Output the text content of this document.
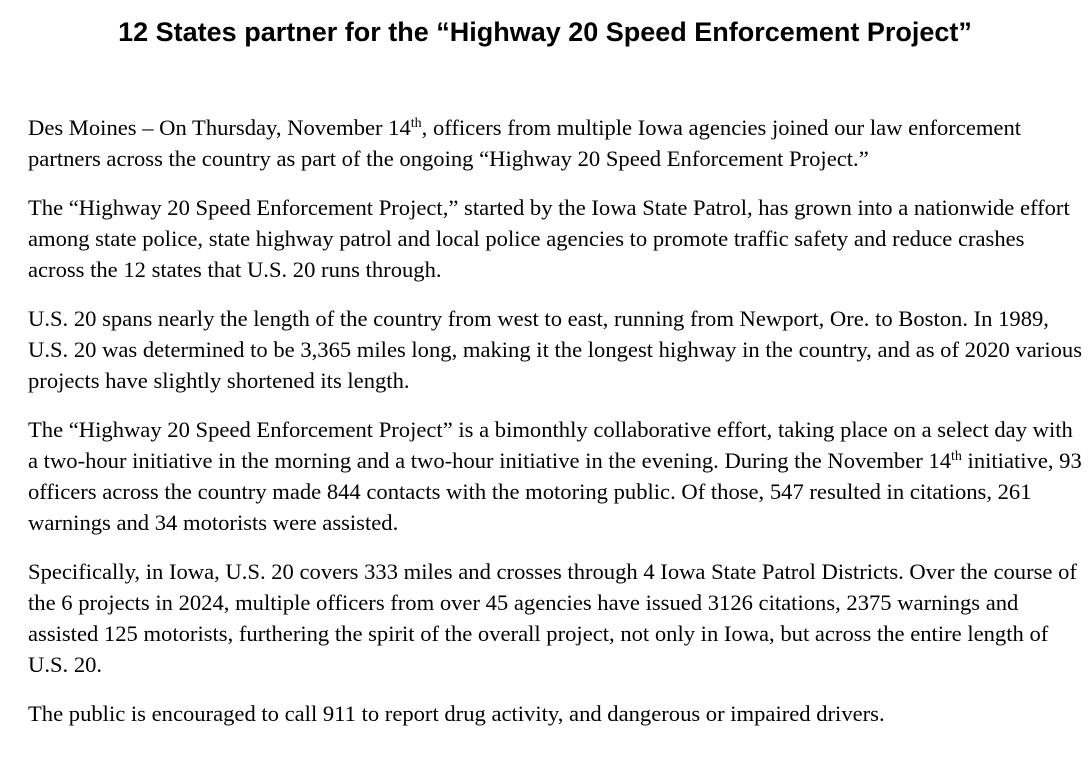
12 States partner for the “Highway 20 Speed Enforcement Project”

Des Moines – On Thursday, November 14th, officers from multiple Iowa agencies joined our law enforcement partners across the country as part of the ongoing “Highway 20 Speed Enforcement Project.”

The “Highway 20 Speed Enforcement Project,” started by the Iowa State Patrol, has grown into a nationwide effort among state police, state highway patrol and local police agencies to promote traffic safety and reduce crashes across the 12 states that U.S. 20 runs through.

U.S. 20 spans nearly the length of the country from west to east, running from Newport, Ore. to Boston. In 1989, U.S. 20 was determined to be 3,365 miles long, making it the longest highway in the country, and as of 2020 various projects have slightly shortened its length.

The “Highway 20 Speed Enforcement Project” is a bimonthly collaborative effort, taking place on a select day with a two-hour initiative in the morning and a two-hour initiative in the evening. During the November 14th initiative, 93 officers across the country made 844 contacts with the motoring public. Of those, 547 resulted in citations, 261 warnings and 34 motorists were assisted.

Specifically, in Iowa, U.S. 20 covers 333 miles and crosses through 4 Iowa State Patrol Districts. Over the course of the 6 projects in 2024, multiple officers from over 45 agencies have issued 3126 citations, 2375 warnings and assisted 125 motorists, furthering the spirit of the overall project, not only in Iowa, but across the entire length of U.S. 20.

The public is encouraged to call 911 to report drug activity, and dangerous or impaired drivers.
